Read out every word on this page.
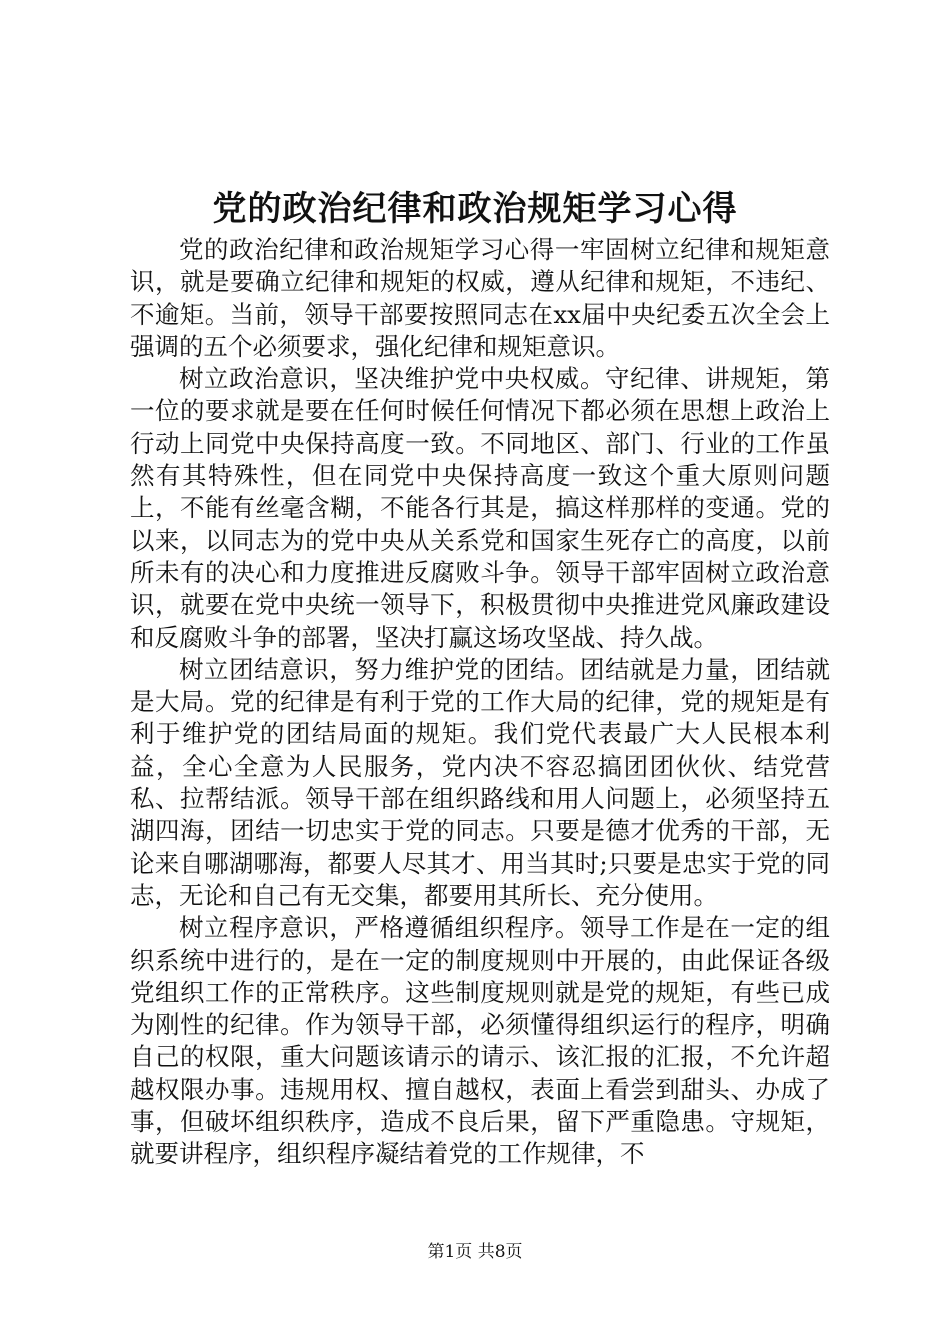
党的政治纪律和政治规矩学习心得

党的政治纪律和政治规矩学习心得一牢固树立纪律和规矩意识，就是要确立纪律和规矩的权威，遵从纪律和规矩，不违纪、不逾矩。当前，领导干部要按照同志在xx届中央纪委五次全会上强调的五个必须要求，强化纪律和规矩意识。

树立政治意识，坚决维护党中央权威。守纪律、讲规矩，第一位的要求就是要在任何时候任何情况下都必须在思想上政治上行动上同党中央保持高度一致。不同地区、部门、行业的工作虽然有其特殊性，但在同党中央保持高度一致这个重大原则问题上，不能有丝毫含糊，不能各行其是，搞这样那样的变通。党的以来，以同志为的党中央从关系党和国家生死存亡的高度，以前所未有的决心和力度推进反腐败斗争。领导干部牢固树立政治意识，就要在党中央统一领导下，积极贯彻中央推进党风廉政建设和反腐败斗争的部署，坚决打赢这场攻坚战、持久战。

树立团结意识，努力维护党的团结。团结就是力量，团结就是大局。党的纪律是有利于党的工作大局的纪律，党的规矩是有利于维护党的团结局面的规矩。我们党代表最广大人民根本利益，全心全意为人民服务，党内决不容忍搞团团伙伙、结党营私、拉帮结派。领导干部在组织路线和用人问题上，必须坚持五湖四海，团结一切忠实于党的同志。只要是德才优秀的干部，无论来自哪湖哪海，都要人尽其才、用当其时;只要是忠实于党的同志，无论和自己有无交集，都要用其所长、充分使用。

树立程序意识，严格遵循组织程序。领导工作是在一定的组织系统中进行的，是在一定的制度规则中开展的，由此保证各级党组织工作的正常秩序。这些制度规则就是党的规矩，有些已成为刚性的纪律。作为领导干部，必须懂得组织运行的程序，明确自己的权限，重大问题该请示的请示、该汇报的汇报，不允许超越权限办事。违规用权、擅自越权，表面上看尝到甜头、办成了事，但破坏组织秩序，造成不良后果，留下严重隐患。守规矩，就要讲程序，组织程序凝结着党的工作规律，不

第1页 共8页
